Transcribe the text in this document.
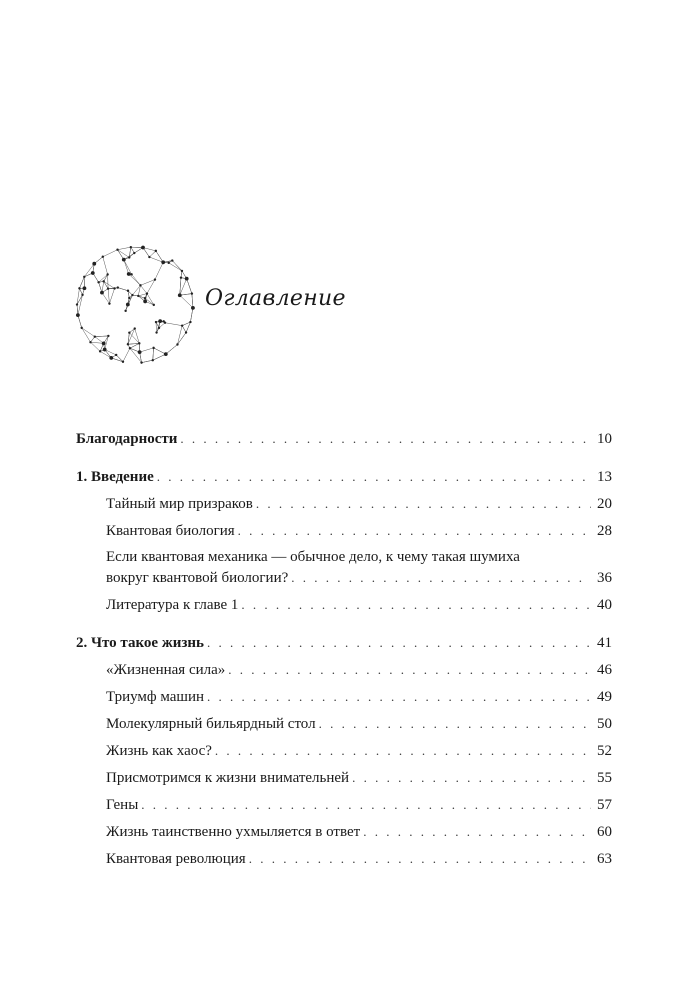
Оглавление
Благодарности . . .	10
1. Введение . . .	13
Тайный мир призраков . . .	20
Квантовая биология . . .	28
Если квантовая механика — обычное дело, к чему такая шумиха
вокруг квантовой биологии? . . .	36
Литература к главе 1 . . .	40
2. Что такое жизнь . . .	41
«Жизненная сила» . . .	46
Триумф машин . . .	49
Молекулярный бильярдный стол . . .	50
Жизнь как хаос? . . .	52
Присмотримся к жизни внимательней . . .	55
Гены . . .	57
Жизнь таинственно ухмыляется в ответ . . .	60
Квантовая революция . . .	63
